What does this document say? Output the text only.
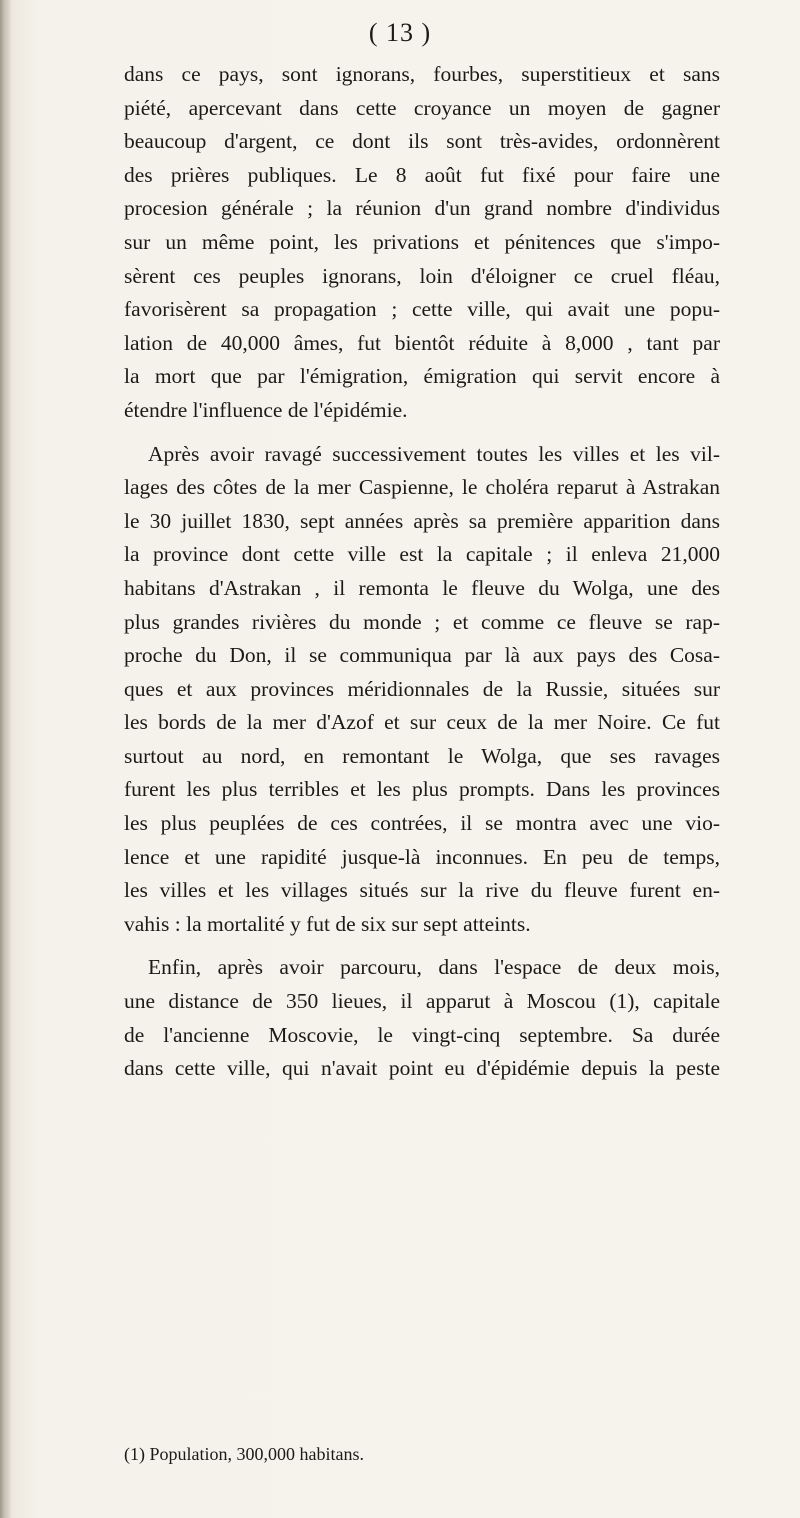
( 13 )
dans ce pays, sont ignorans, fourbes, superstitieux et sans
piété, apercevant dans cette croyance un moyen de gagner
beaucoup d'argent, ce dont ils sont très-avides, ordonnèrent
des prières publiques. Le 8 août fut fixé pour faire une
procesion générale ; la réunion d'un grand nombre d'individus
sur un même point, les privations et pénitences que s'impo-
sèrent ces peuples ignorans, loin d'éloigner ce cruel fléau,
favorisèrent sa propagation ; cette ville, qui avait une popu-
lation de 40,000 âmes, fut bientôt réduite à 8,000 , tant par
la mort que par l'émigration, émigration qui servit encore à
étendre l'influence de l'épidémie.
Après avoir ravagé successivement toutes les villes et les vil-
lages des côtes de la mer Caspienne, le choléra reparut à Astrakan
le 30 juillet 1830, sept années après sa première apparition dans
la province dont cette ville est la capitale ; il enleva 21,000
habitans d'Astrakan , il remonta le fleuve du Wolga, une des
plus grandes rivières du monde ; et comme ce fleuve se rap-
proche du Don, il se communiqua par là aux pays des Cosa-
ques et aux provinces méridionnales de la Russie, situées sur
les bords de la mer d'Azof et sur ceux de la mer Noire. Ce fut
surtout au nord, en remontant le Wolga, que ses ravages
furent les plus terribles et les plus prompts. Dans les provinces
les plus peuplées de ces contrées, il se montra avec une vio-
lence et une rapidité jusque-là inconnues. En peu de temps,
les villes et les villages situés sur la rive du fleuve furent en-
vahis : la mortalité y fut de six sur sept atteints.
Enfin, après avoir parcouru, dans l'espace de deux mois,
une distance de 350 lieues, il apparut à Moscou (1), capitale
de l'ancienne Moscovie, le vingt-cinq septembre. Sa durée
dans cette ville, qui n'avait point eu d'épidémie depuis la peste
(1) Population, 300,000 habitans.
